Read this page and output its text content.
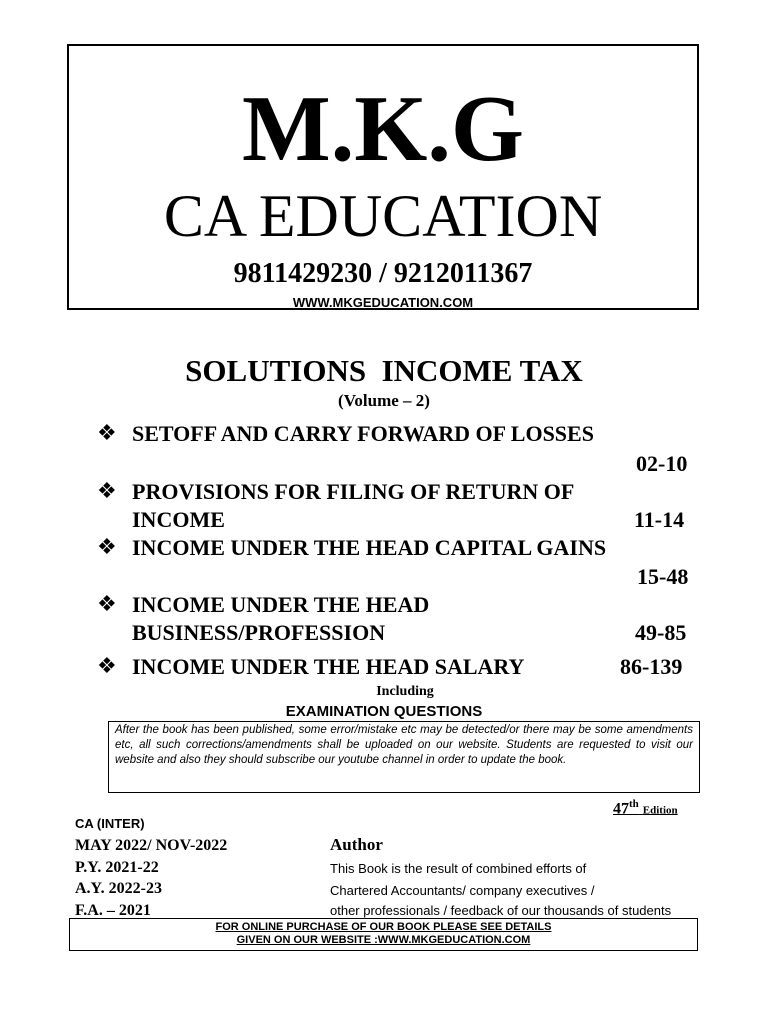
M.K.G
CA EDUCATION
9811429230 / 9212011367
WWW.MKGEDUCATION.COM
SOLUTIONS  INCOME TAX
(Volume – 2)
❖ SETOFF AND CARRY FORWARD OF LOSSES
02-10
❖ PROVISIONS FOR FILING OF RETURN OF
INCOME	11-14
❖ INCOME UNDER THE HEAD CAPITAL GAINS
15-48
❖ INCOME UNDER THE HEAD
BUSINESS/PROFESSION	49-85
❖ INCOME UNDER THE HEAD SALARY	86-139
Including
EXAMINATION QUESTIONS
After the book has been published, some error/mistake etc may be detected/or there may be some amendments etc, all such corrections/amendments shall be uploaded on our website. Students are requested to visit our website and also they should subscribe our youtube channel in order to update the book.
47th Edition
CA (INTER)
MAY 2022/ NOV-2022
P.Y. 2021-22
A.Y. 2022-23
F.A. – 2021
Author
This Book is the result of combined efforts of
Chartered Accountants/ company executives /
other professionals / feedback of our thousands of students
FOR ONLINE PURCHASE OF OUR BOOK PLEASE SEE DETAILS
GIVEN ON OUR WEBSITE :WWW.MKGEDUCATION.COM
